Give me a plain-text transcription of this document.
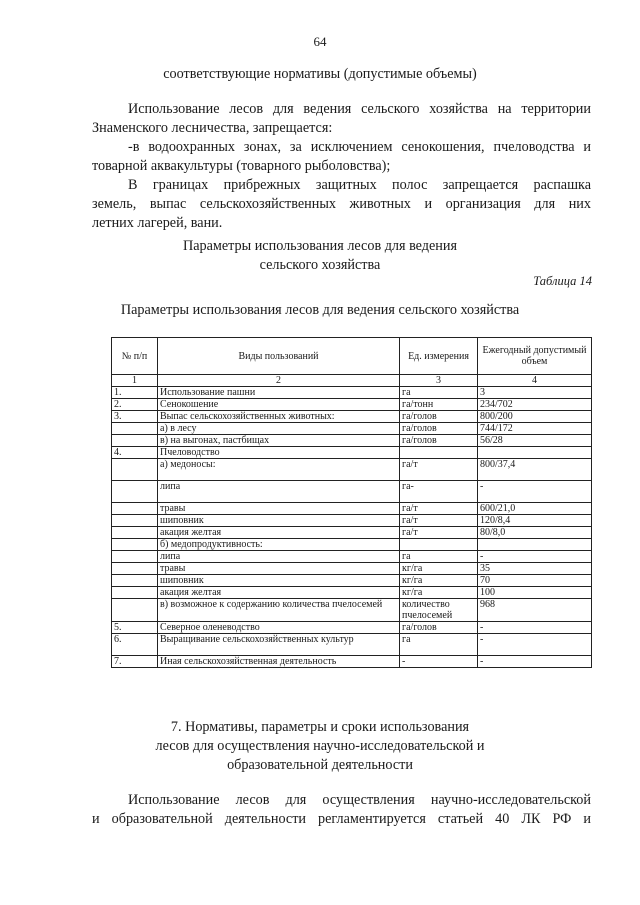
64
соответствующие нормативы (допустимые объемы)
Использование лесов для ведения сельского хозяйства на территории
Знаменского лесничества, запрещается:
-в водоохранных зонах, за исключением сенокошения, пчеловодства и
товарной аквакультуры (товарного рыболовства);
В границах прибрежных защитных полос запрещается распашка
земель, выпас сельскохозяйственных животных и организация для них
летних лагерей, вани.
Параметры использования лесов для ведения
сельского хозяйства
Таблица 14
Параметры использования лесов для ведения сельского хозяйства
№ п/п	Виды пользований	Ед. измерения	Ежегодный допустимый объем
1	2	3	4
1.	Использование пашни	га	3
2.	Сенокошение	га/тонн	234/702
3.	Выпас сельскохозяйственных животных:	га/голов	800/200
	а) в лесу	га/голов	744/172
	в) на выгонах, пастбищах	га/голов	56/28
4.	Пчеловодство		
	а) медоносы:	га/т	800/37,4
	липа	га-	-
	травы	га/т	600/21,0
	шиповник	га/т	120/8,4
	акация желтая	га/т	80/8,0
	б) медопродуктивность:		
	липа	га	-
	травы	кг/га	35
	шиповник	кг/га	70
	акация желтая	кг/га	100
	в) возможное к содержанию количества пчелосемей	количество пчелосемей	968
5.	Северное оленеводство	га/голов	-
6.	Выращивание сельскохозяйственных культур	га	-
7.	Иная сельскохозяйственная деятельность	-	-
7. Нормативы, параметры и сроки использования
лесов для осуществления научно-исследовательской и
образовательной деятельности
Использование лесов для осуществления научно-исследовательской
и образовательной деятельности регламентируется статьей 40 ЛК РФ и
